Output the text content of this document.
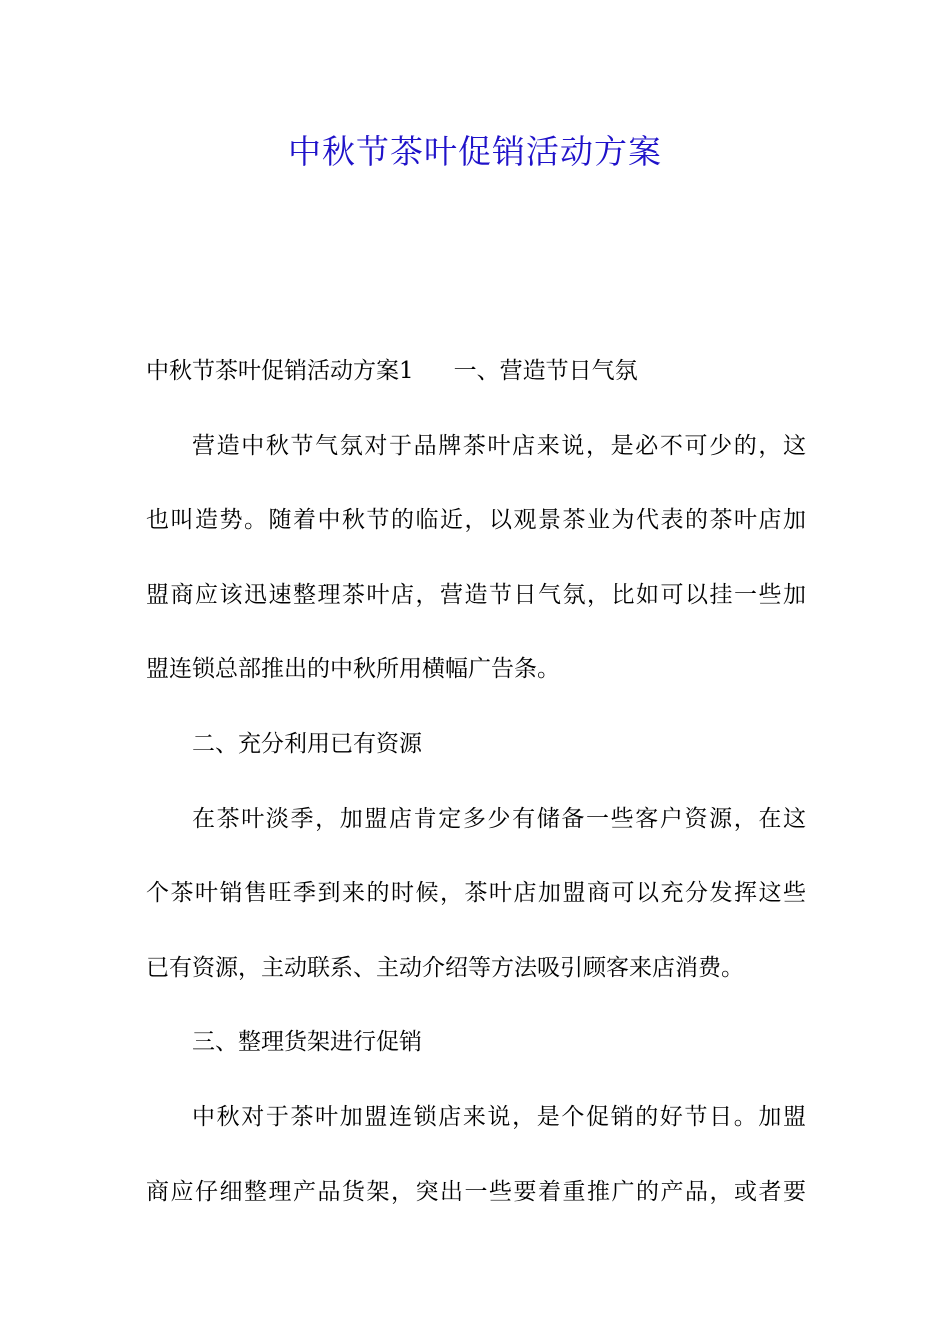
中秋节茶叶促销活动方案
中秋节茶叶促销活动方案1 一、营造节日气氛
营造中秋节气氛对于品牌茶叶店来说，是必不可少的，这
也叫造势。随着中秋节的临近，以观景茶业为代表的茶叶店加
盟商应该迅速整理茶叶店，营造节日气氛，比如可以挂一些加
盟连锁总部推出的中秋所用横幅广告条。
二、充分利用已有资源
在茶叶淡季，加盟店肯定多少有储备一些客户资源，在这
个茶叶销售旺季到来的时候，茶叶店加盟商可以充分发挥这些
已有资源，主动联系、主动介绍等方法吸引顾客来店消费。
三、整理货架进行促销
中秋对于茶叶加盟连锁店来说，是个促销的好节日。加盟
商应仔细整理产品货架，突出一些要着重推广的产品，或者要
